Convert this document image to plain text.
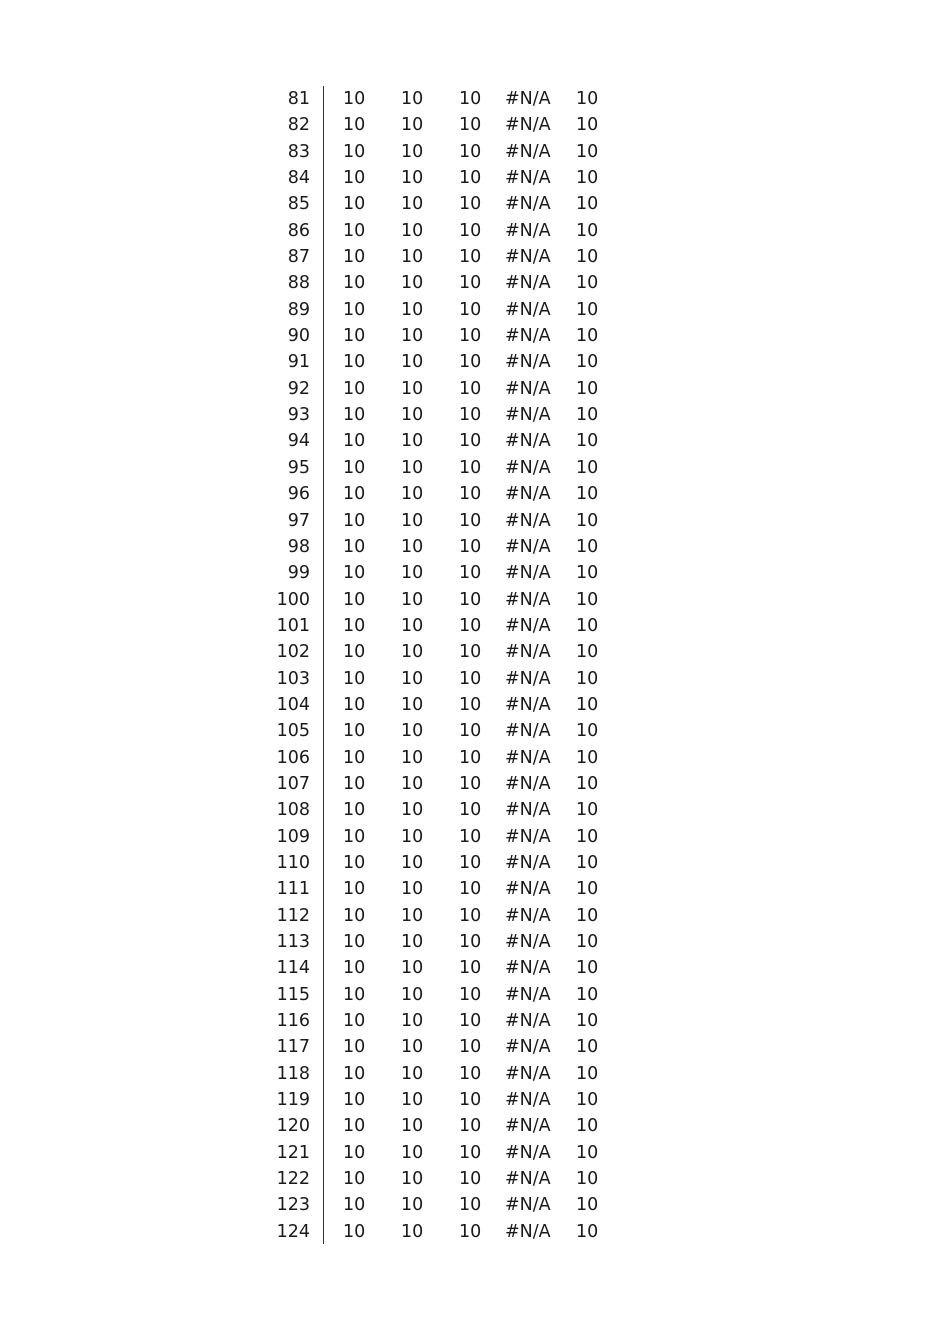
81 10 10 10 #N/A 10
82 10 10 10 #N/A 10
83 10 10 10 #N/A 10
84 10 10 10 #N/A 10
85 10 10 10 #N/A 10
86 10 10 10 #N/A 10
87 10 10 10 #N/A 10
88 10 10 10 #N/A 10
89 10 10 10 #N/A 10
90 10 10 10 #N/A 10
91 10 10 10 #N/A 10
92 10 10 10 #N/A 10
93 10 10 10 #N/A 10
94 10 10 10 #N/A 10
95 10 10 10 #N/A 10
96 10 10 10 #N/A 10
97 10 10 10 #N/A 10
98 10 10 10 #N/A 10
99 10 10 10 #N/A 10
100 10 10 10 #N/A 10
101 10 10 10 #N/A 10
102 10 10 10 #N/A 10
103 10 10 10 #N/A 10
104 10 10 10 #N/A 10
105 10 10 10 #N/A 10
106 10 10 10 #N/A 10
107 10 10 10 #N/A 10
108 10 10 10 #N/A 10
109 10 10 10 #N/A 10
110 10 10 10 #N/A 10
111 10 10 10 #N/A 10
112 10 10 10 #N/A 10
113 10 10 10 #N/A 10
114 10 10 10 #N/A 10
115 10 10 10 #N/A 10
116 10 10 10 #N/A 10
117 10 10 10 #N/A 10
118 10 10 10 #N/A 10
119 10 10 10 #N/A 10
120 10 10 10 #N/A 10
121 10 10 10 #N/A 10
122 10 10 10 #N/A 10
123 10 10 10 #N/A 10
124 10 10 10 #N/A 10
